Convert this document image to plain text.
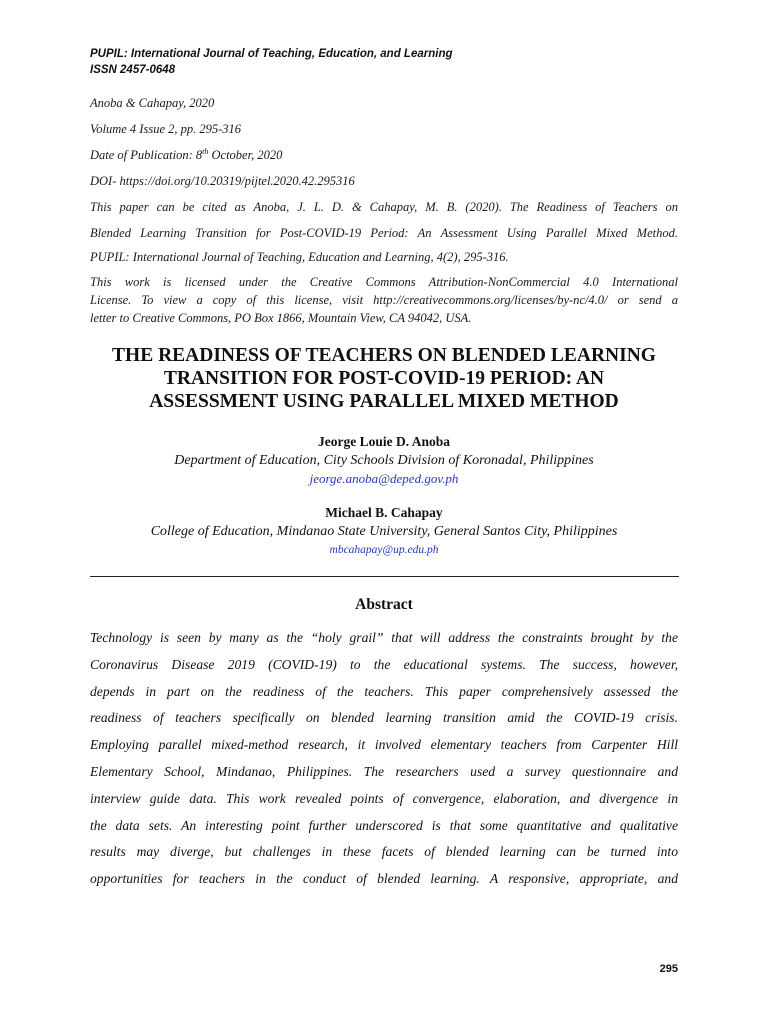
PUPIL: International Journal of Teaching, Education, and Learning
ISSN 2457-0648
Anoba & Cahapay, 2020
Volume 4 Issue 2, pp. 295-316
Date of Publication: 8th October, 2020
DOI- https://doi.org/10.20319/pijtel.2020.42.295316
This paper can be cited as Anoba, J. L. D. & Cahapay, M. B. (2020). The Readiness of Teachers on
Blended Learning Transition for Post-COVID-19 Period: An Assessment Using Parallel Mixed Method.
PUPIL: International Journal of Teaching, Education and Learning, 4(2), 295-316.
This work is licensed under the Creative Commons Attribution-NonCommercial 4.0 International
License. To view a copy of this license, visit http://creativecommons.org/licenses/by-nc/4.0/ or send a
letter to Creative Commons, PO Box 1866, Mountain View, CA 94042, USA.
THE READINESS OF TEACHERS ON BLENDED LEARNING
TRANSITION FOR POST-COVID-19 PERIOD: AN
ASSESSMENT USING PARALLEL MIXED METHOD
Jeorge Louie D. Anoba
Department of Education, City Schools Division of Koronadal, Philippines
jeorge.anoba@deped.gov.ph
Michael B. Cahapay
College of Education, Mindanao State University, General Santos City, Philippines
mbcahapay@up.edu.ph
Abstract
Technology is seen by many as the “holy grail” that will address the constraints brought by the
Coronavirus Disease 2019 (COVID-19) to the educational systems. The success, however,
depends in part on the readiness of the teachers. This paper comprehensively assessed the
readiness of teachers specifically on blended learning transition amid the COVID-19 crisis.
Employing parallel mixed-method research, it involved elementary teachers from Carpenter Hill
Elementary School, Mindanao, Philippines. The researchers used a survey questionnaire and
interview guide data. This work revealed points of convergence, elaboration, and divergence in
the data sets. An interesting point further underscored is that some quantitative and qualitative
results may diverge, but challenges in these facets of blended learning can be turned into
opportunities for teachers in the conduct of blended learning. A responsive, appropriate, and
295
